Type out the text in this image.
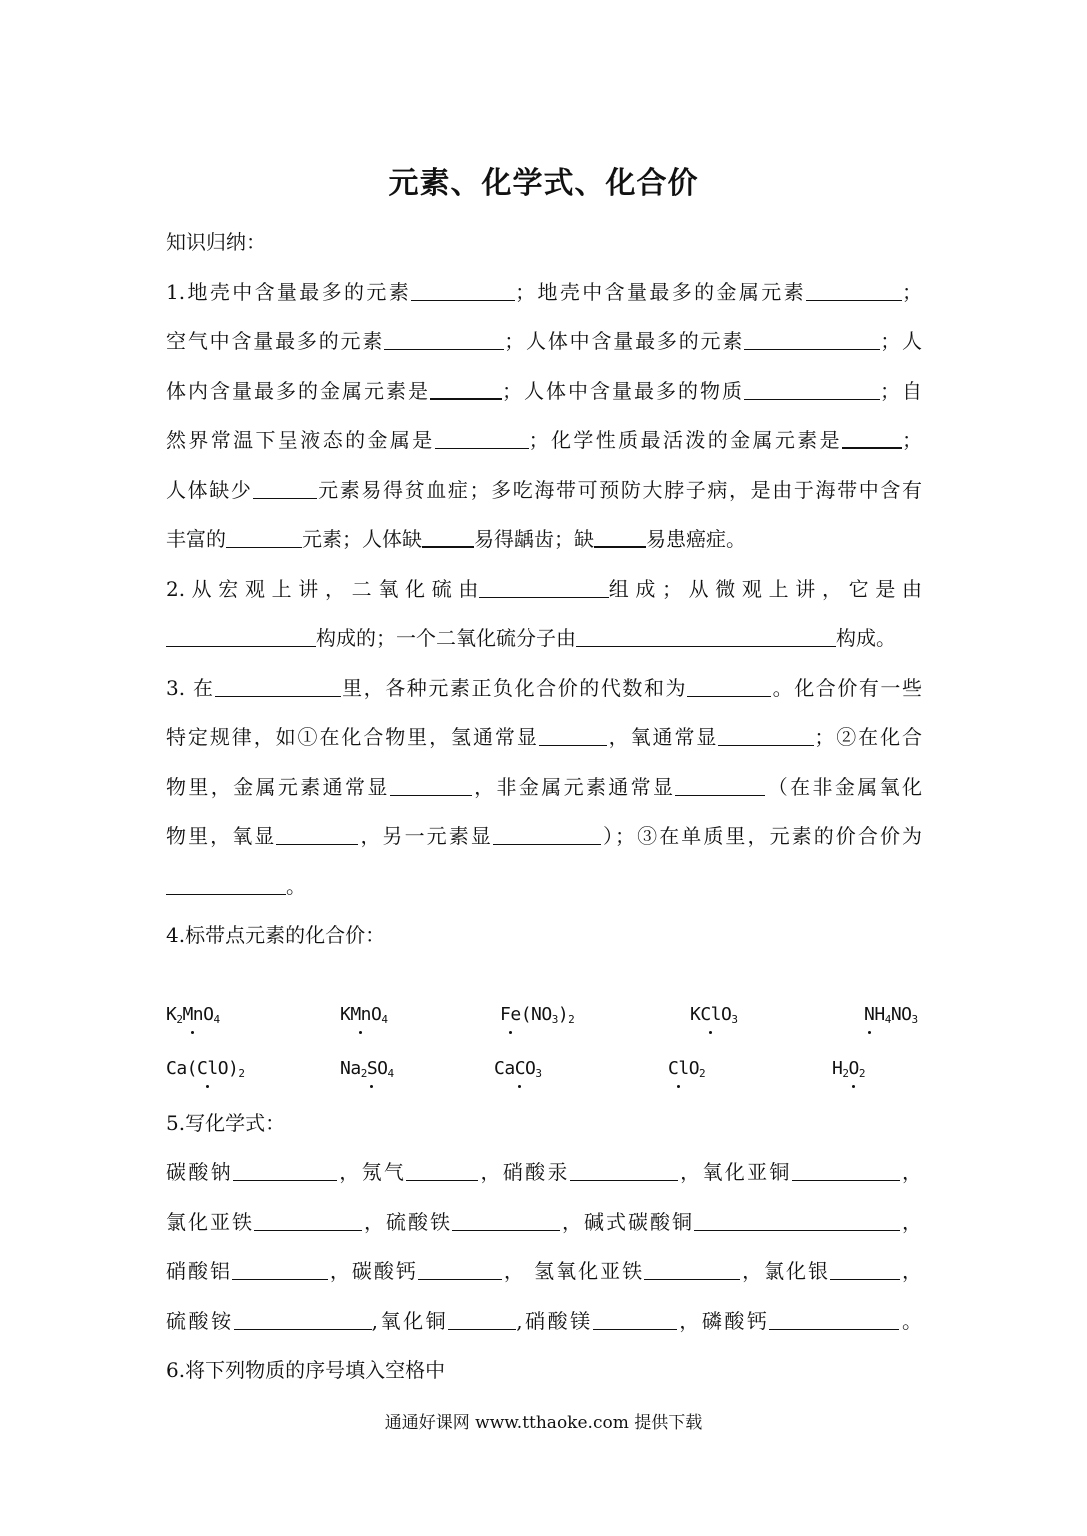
元素、化学式、化合价
知识归纳：
1.地壳中含量最多的元素	；地壳中含量最多的金属元素	；
空气中含量最多的元素	；人体中含量最多的元素	；人
体内含量最多的金属元素是	；人体中含量最多的物质	；自
然界常温下呈液态的金属是	；化学性质最活泼的金属元素是	；
人体缺少	元素易得贫血症；多吃海带可预防大脖子病，是由于海带中含有
丰富的	元素；人体缺	易得龋齿；缺	易患癌症。
2. 从 宏 观 上 讲 ， 二 氧 化 硫 由	组 成 ； 从 微 观 上 讲 ， 它 是 由
构成的；一个二氧化硫分子由	构成。
3. 在	里，各种元素正负化合价的代数和为	。化合价有一些
特定规律，如①在化合物里，氢通常显	，氧通常显	；②在化合
物里，金属元素通常显	，非金属元素通常显	（在非金属氧化
物里，氧显	，另一元素显	）；③在单质里，元素的价合价为
。
4.标带点元素的化合价：
$K_2MnO_4$	KMnO$_4$	$Fe(NO_3)_2$	KClO$_3$	$NH_4NO_3$
$Ca(ClO)_2$	$Na_2SO_4$	CaCO$_3$	ClO$_2$	$H_2O_2$
5.写化学式：
碳酸钠	，氖气	，硝酸汞	，氧化亚铜	，
氯化亚铁	，硫酸铁	，碱式碳酸铜	，
硝酸铝	，碳酸钙	， 氢氧化亚铁	，氯化银	，
硫酸铵	,氧化铜	,硝酸镁	，磷酸钙	。
6.将下列物质的序号填入空格中
通通好课网 www.tthaoke.com 提供下载
